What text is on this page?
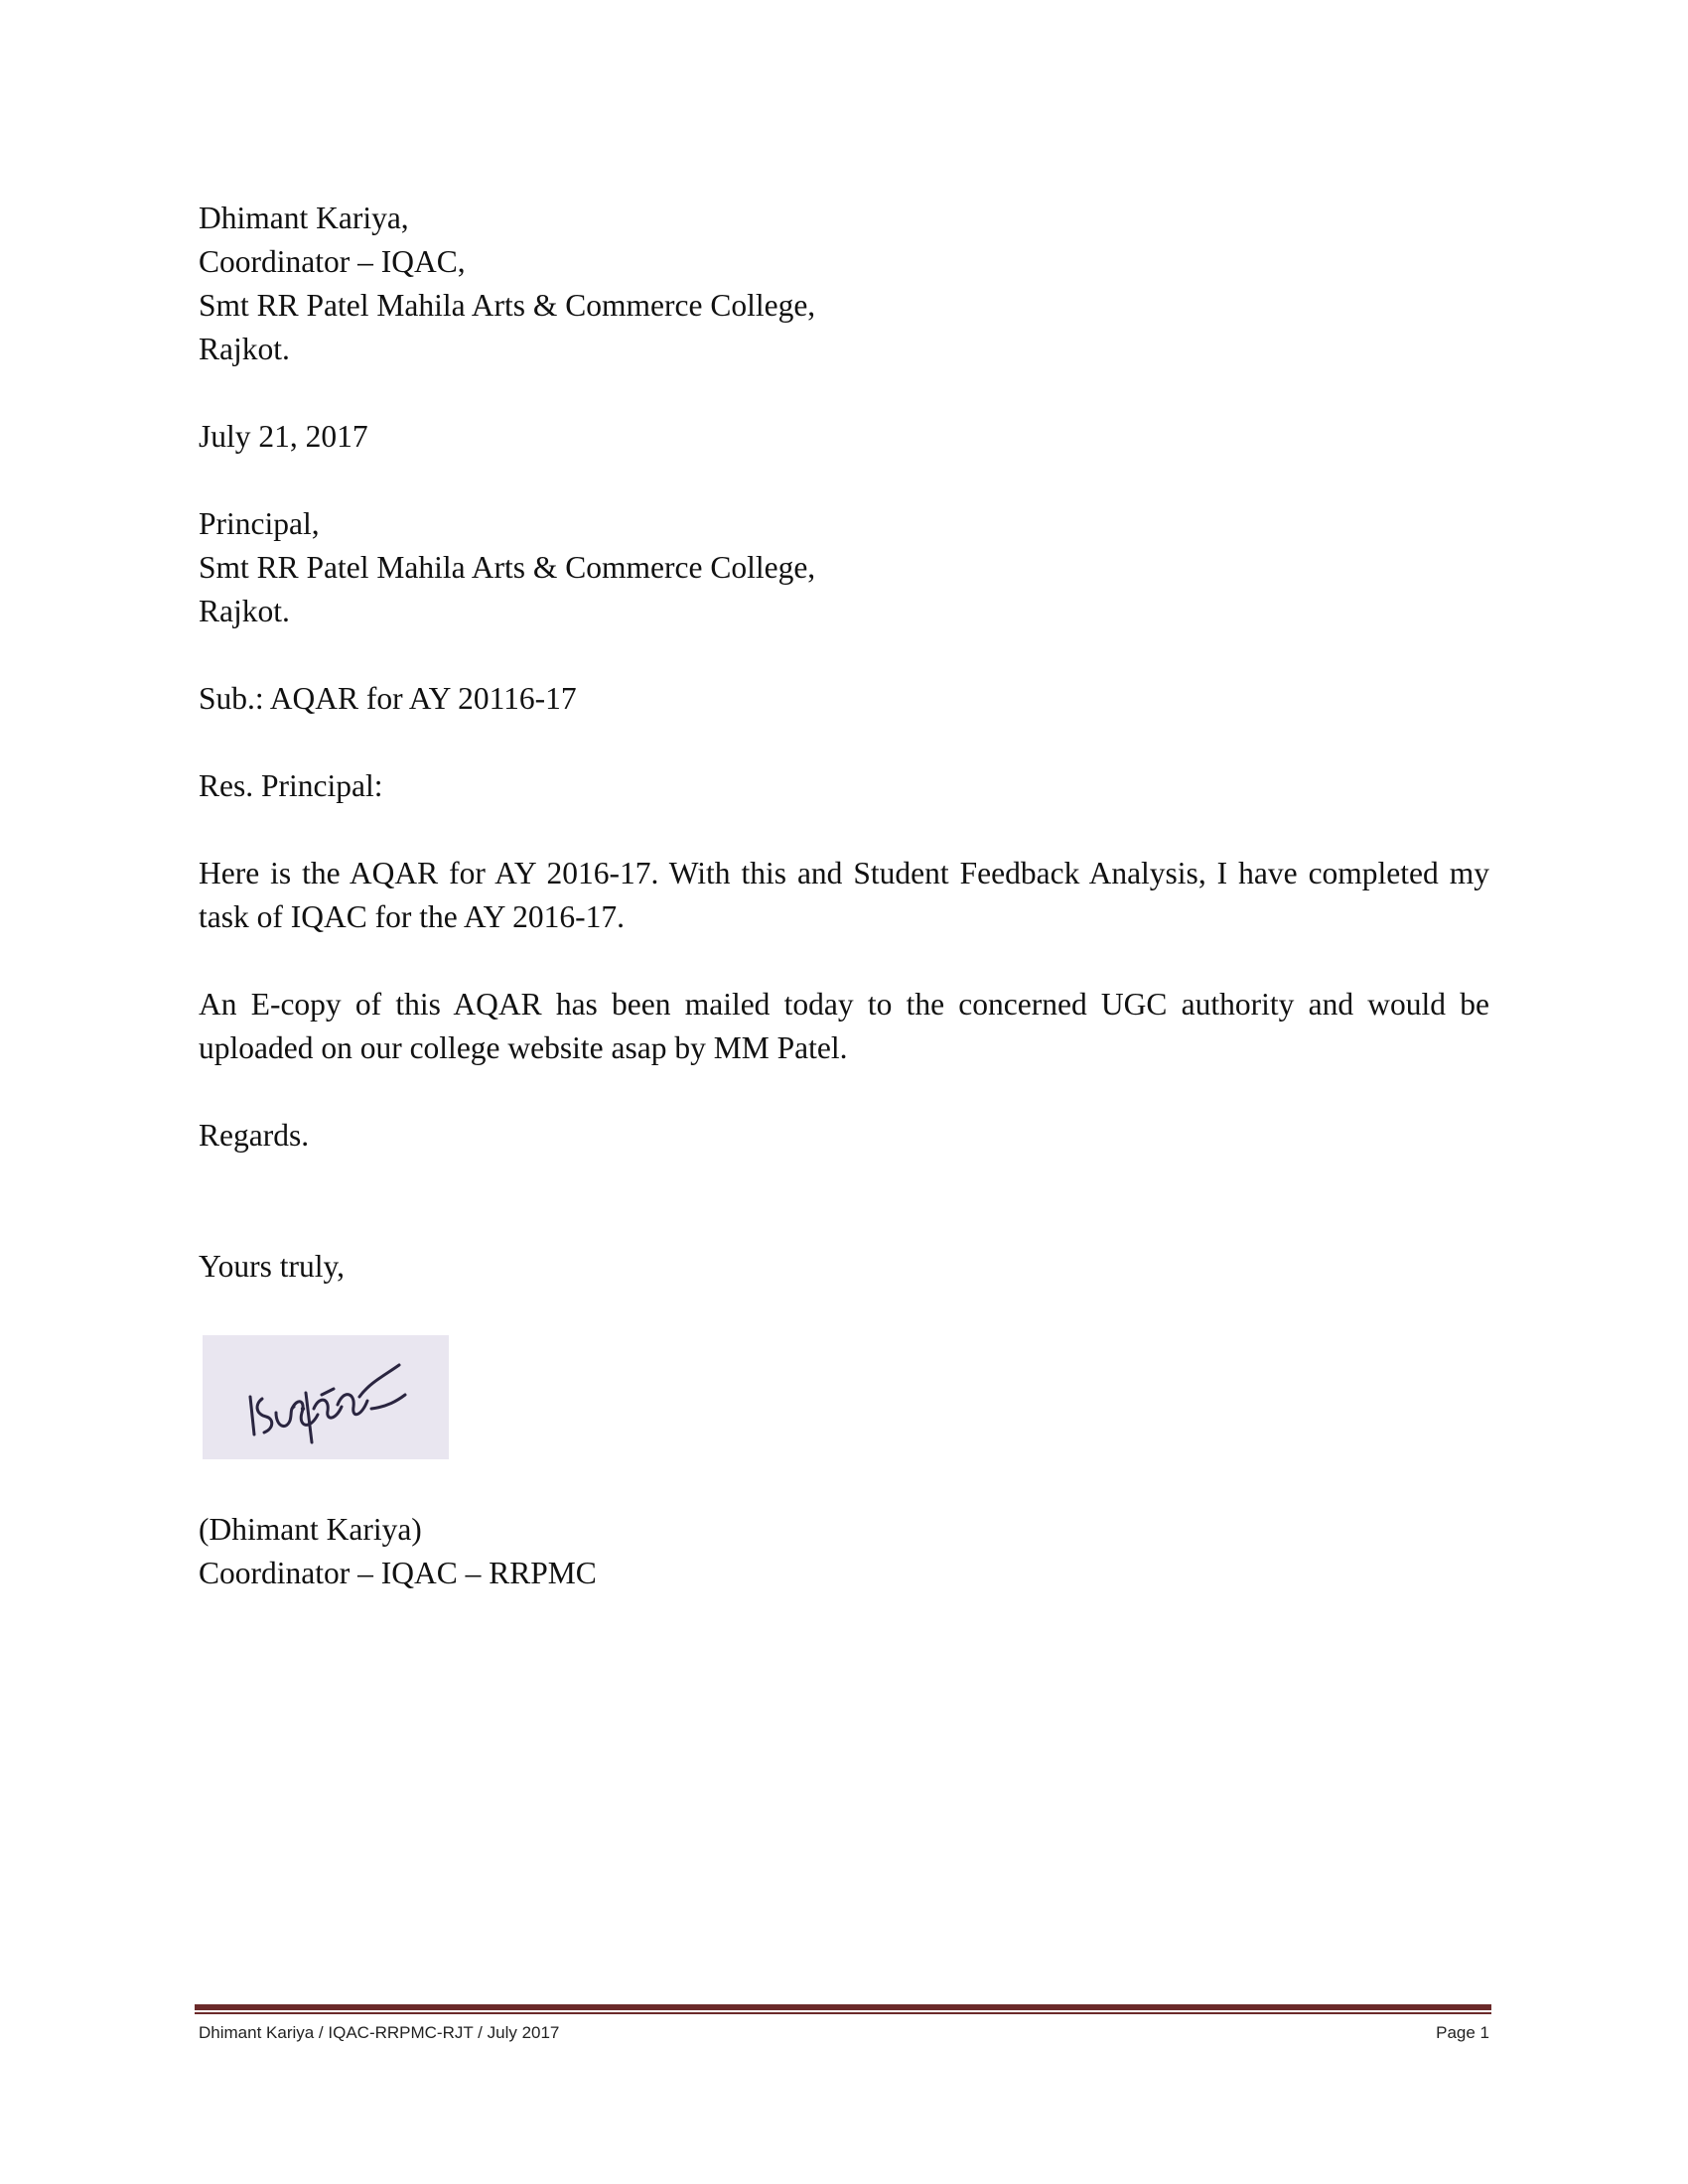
Dhimant Kariya,
Coordinator – IQAC,
Smt RR Patel Mahila Arts & Commerce College,
Rajkot.
July 21, 2017
Principal,
Smt RR Patel Mahila Arts & Commerce College,
Rajkot.
Sub.: AQAR for AY 20116-17
Res. Principal:

Here is the AQAR for AY 2016-17. With this and Student Feedback Analysis, I have completed my task of IQAC for the AY 2016-17.

An E-copy of this AQAR has been mailed today to the concerned UGC authority and would be uploaded on our college website asap by MM Patel.

Regards.
Yours truly,
(Dhimant Kariya)
Coordinator – IQAC – RRPMC
Dhimant Kariya / IQAC-RRPMC-RJT / July 2017	Page 1
